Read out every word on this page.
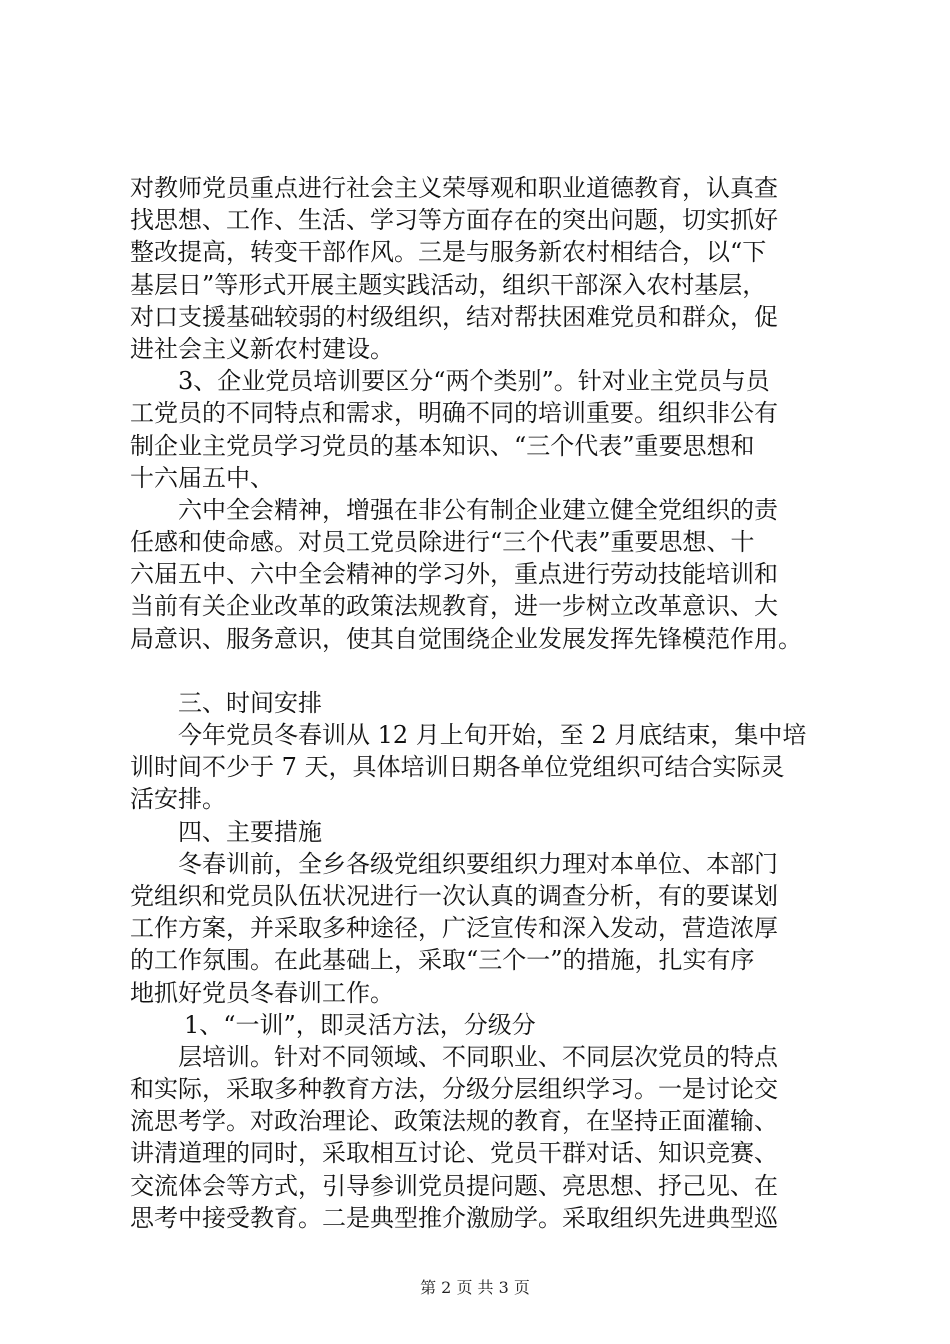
对教师党员重点进行社会主义荣辱观和职业道德教育，认真查
找思想、工作、生活、学习等方面存在的突出问题，切实抓好
整改提高，转变干部作风。三是与服务新农村相结合，以“下
基层日”等形式开展主题实践活动，组织干部深入农村基层，
对口支援基础较弱的村级组织，结对帮扶困难党员和群众，促
进社会主义新农村建设。
3、企业党员培训要区分“两个类别”。针对业主党员与员
工党员的不同特点和需求，明确不同的培训重要。组织非公有
制企业主党员学习党员的基本知识、“三个代表”重要思想和
十六届五中、
六中全会精神，增强在非公有制企业建立健全党组织的责
任感和使命感。对员工党员除进行“三个代表”重要思想、十
六届五中、六中全会精神的学习外，重点进行劳动技能培训和
当前有关企业改革的政策法规教育，进一步树立改革意识、大
局意识、服务意识，使其自觉围绕企业发展发挥先锋模范作用。
三、时间安排
今年党员冬春训从 12 月上旬开始，至 2 月底结束，集中培
训时间不少于 7 天，具体培训日期各单位党组织可结合实际灵
活安排。
四、主要措施
冬春训前，全乡各级党组织要组织力理对本单位、本部门
党组织和党员队伍状况进行一次认真的调查分析，有的要谋划
工作方案，并采取多种途径，广泛宣传和深入发动，营造浓厚
的工作氛围。在此基础上，采取“三个一”的措施，扎实有序
地抓好党员冬春训工作。
1、“一训”，即灵活方法，分级分
层培训。针对不同领域、不同职业、不同层次党员的特点
和实际，采取多种教育方法，分级分层组织学习。一是讨论交
流思考学。对政治理论、政策法规的教育，在坚持正面灌输、
讲清道理的同时，采取相互讨论、党员干群对话、知识竞赛、
交流体会等方式，引导参训党员提问题、亮思想、抒己见、在
思考中接受教育。二是典型推介激励学。采取组织先进典型巡
第 2 页 共 3 页
